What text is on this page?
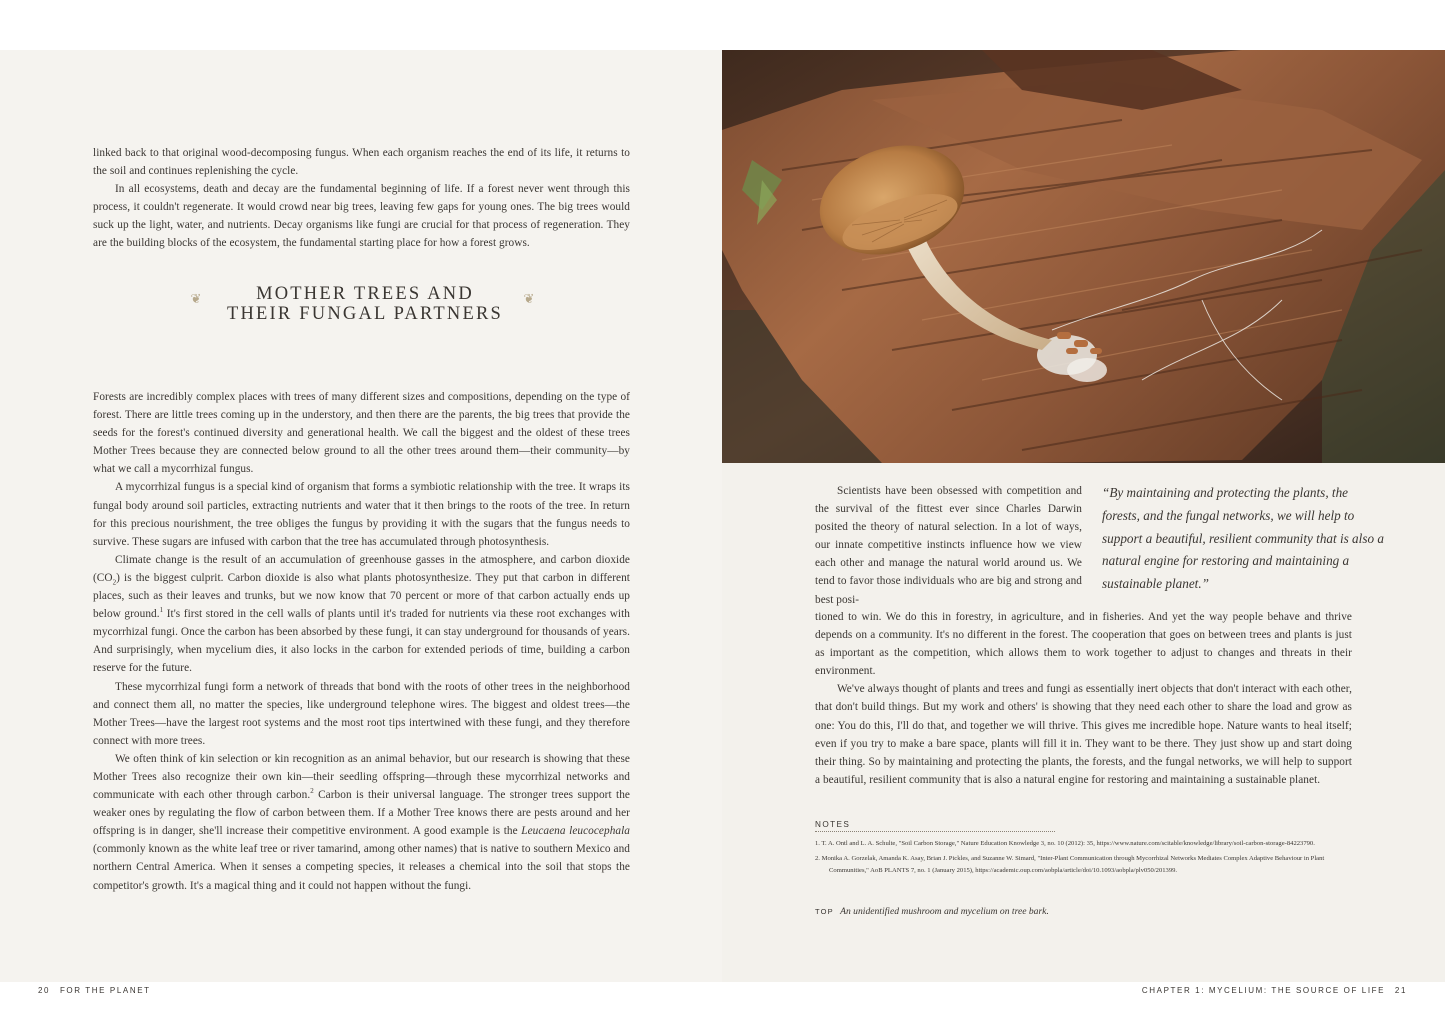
linked back to that original wood-decomposing fungus. When each organism reaches the end of its life, it returns to the soil and continues replenishing the cycle.

In all ecosystems, death and decay are the fundamental beginning of life. If a forest never went through this process, it couldn't regenerate. It would crowd near big trees, leaving few gaps for young ones. The big trees would suck up the light, water, and nutrients. Decay organisms like fungi are crucial for that process of regeneration. They are the building blocks of the ecosystem, the fundamental starting place for how a forest grows.

❦	MOTHER TREES AND
THEIR FUNGAL PARTNERS
❦

Forests are incredibly complex places with trees of many different sizes and compositions, depending on the type of forest. There are little trees coming up in the understory, and then there are the parents, the big trees that provide the seeds for the forest's continued diversity and generational health. We call the biggest and the oldest of these trees Mother Trees because they are connected below ground to all the other trees around them—their community—by what we call a mycorrhizal fungus.

A mycorrhizal fungus is a special kind of organism that forms a symbiotic relationship with the tree. It wraps its fungal body around soil particles, extracting nutrients and water that it then brings to the roots of the tree. In return for this precious nourishment, the tree obliges the fungus by providing it with the sugars that the fungus needs to survive. These sugars are infused with carbon that the tree has accumulated through photosynthesis.

Climate change is the result of an accumulation of greenhouse gasses in the atmosphere, and carbon dioxide $(CO_2)$ is the biggest culprit. Carbon dioxide is also what plants photosynthesize. They put that carbon in different places, such as their leaves and trunks, but we now know that 70 percent or more of that carbon actually ends up below ground.$^1$ It's first stored in the cell walls of plants until it's traded for nutrients via these root exchanges with mycorrhizal fungi. Once the carbon has been absorbed by these fungi, it can stay underground for thousands of years. And surprisingly, when mycelium dies, it also locks in the carbon for extended periods of time, building a carbon reserve for the future.

These mycorrhizal fungi form a network of threads that bond with the roots of other trees in the neighborhood and connect them all, no matter the species, like underground telephone wires. The biggest and oldest trees—the Mother Trees—have the largest root systems and the most root tips intertwined with these fungi, and they therefore connect with more trees.

We often think of kin selection or kin recognition as an animal behavior, but our research is showing that these Mother Trees also recognize their own kin—their seedling offspring—through these mycorrhizal networks and communicate with each other through carbon.$^2$ Carbon is their universal language. The stronger trees support the weaker ones by regulating the flow of carbon between them. If a Mother Tree knows there are pests around and her offspring is in danger, she'll increase their competitive environment. A good example is the Leucaena leucocephala (commonly known as the white leaf tree or river tamarind, among other names) that is native to southern Mexico and northern Central America. When it senses a competing species, it releases a chemical into the soil that stops the competitor's growth. It's a magical thing and it could not happen without the fungi.

20 FOR THE PLANET

Scientists have been obsessed with competition and the survival of the fittest ever since Charles Darwin posited the theory of natural selection. In a lot of ways, our innate competitive instincts influence how we view each other and manage the natural world around us. We tend to favor those individuals who are big and strong and best posi-

“By maintaining and protecting the plants, the forests, and the fungal networks, we will help to support a beautiful, resilient community that is also a natural engine for restoring and maintaining a sustainable planet.”

tioned to win. We do this in forestry, in agriculture, and in fisheries. And yet the way people behave and thrive depends on a community. It's no different in the forest. The cooperation that goes on between trees and plants is just as important as the competition, which allows them to work together to adjust to changes and threats in their environment.

We've always thought of plants and trees and fungi as essentially inert objects that don't interact with each other, that don't build things. But my work and others' is showing that they need each other to share the load and grow as one: You do this, I'll do that, and together we will thrive. This gives me incredible hope. Nature wants to heal itself; even if you try to make a bare space, plants will fill it in. They want to be there. They just show up and start doing their thing. So by maintaining and protecting the plants, the forests, and the fungal networks, we will help to support a beautiful, resilient community that is also a natural engine for restoring and maintaining a sustainable planet.

NOTES
1. T. A. Ontl and L. A. Schulte, "Soil Carbon Storage," Nature Education Knowledge 3, no. 10 (2012): 35, https://www.nature.com/scitable/knowledge/library/soil-carbon-storage-84223790.
2. Monika A. Gorzelak, Amanda K. Asay, Brian J. Pickles, and Suzanne W. Simard, "Inter-Plant Communication through Mycorrhizal Networks Mediates Complex Adaptive Behaviour in Plant Communities," AoB PLANTS 7, no. 1 (January 2015), https://academic.oup.com/aobpla/article/doi/10.1093/aobpla/plv050/201399.
TOP An unidentified mushroom and mycelium on tree bark.
CHAPTER 1: MYCELIUM: THE SOURCE OF LIFE 21
